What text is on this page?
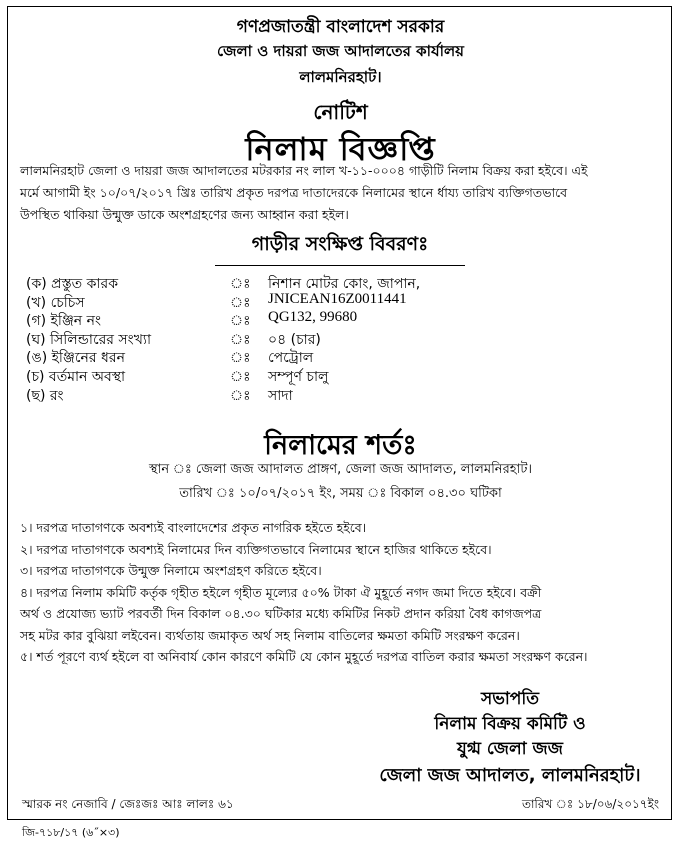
গণপ্রজাতন্ত্রী বাংলাদেশ সরকার
জেলা ও দায়রা জজ আদালতের কার্যালয়
লালমনিরহাট।
নোটিশ
নিলাম বিজ্ঞপ্তি

লালমনিরহাট জেলা ও দায়রা জজ আদালতের মটরকার নং লাল খ-১১-০০০৪ গাড়ীটি নিলাম বিক্রয় করা হইবে। এই

মর্মে আগামী ইং ১০/০৭/২০১৭ খ্রিঃ তারিখ প্রকৃত দরপত্র দাতাদেরকে নিলামের স্থানে র্ধায্য তারিখ ব্যক্তিগতভাবে

উপস্থিত থাকিয়া উন্মুক্ত ডাকে অংশগ্রহণের জন্য আহ্বান করা হইল।

গাড়ীর সংক্ষিপ্ত বিবরণঃ
(ক) প্রস্তুত কারক	ঃ নিশান মোটর কোং, জাপান,
(খ) চেচিস	ঃ JNICEAN16Z0011441
(গ) ইঞ্জিন নং	ঃ QG132, 99680
(ঘ) সিলিন্ডারের সংখ্যা	ঃ ০৪ (চার)
(ঙ) ইঞ্জিনের ধরন	ঃ পেট্রোল
(চ) বর্তমান অবস্থা	ঃ সম্পূর্ণ চালু
(ছ) রং	ঃ সাদা
নিলামের শর্তঃ
স্থান ঃ জেলা জজ আদালত প্রাঙ্গণ, জেলা জজ আদালত, লালমনিরহাট।
তারিখ ঃ ১০/০৭/২০১৭ ইং, সময় ঃ বিকাল ০৪.৩০ ঘটিকা

১। দরপত্র দাতাগণকে অবশ্যই বাংলাদেশের প্রকৃত নাগরিক হইতে হইবে।

২। দরপত্র দাতাগণকে অবশ্যই নিলামের দিন ব্যক্তিগতভাবে নিলামের স্থানে হাজির থাকিতে হইবে।

৩। দরপত্র দাতাগণকে উন্মুক্ত নিলামে অংশগ্রহণ করিতে হইবে।

৪। দরপত্র নিলাম কমিটি কর্তৃক গৃহীত হইলে গৃহীত মূল্যের ৫০% টাকা ঐ মুহূর্তে নগদ জমা দিতে হইবে। বক্রী

অর্থ ও প্রযোজ্য ভ্যাট পরবর্তী দিন বিকাল ০৪.৩০ ঘটিকার মধ্যে কমিটির নিকট প্রদান করিয়া বৈধ কাগজপত্র

সহ মটর কার বুঝিয়া লইবেন। ব্যর্থতায় জমাকৃত অর্থ সহ নিলাম বাতিলের ক্ষমতা কমিটি সংরক্ষণ করেন।

৫। শর্ত পূরণে ব্যর্থ হইলে বা অনিবার্য কোন কারণে কমিটি যে কোন মুহূর্তে দরপত্র বাতিল করার ক্ষমতা সংরক্ষণ করেন।

সভাপতি
নিলাম বিক্রয় কমিটি ও
যুগ্ম জেলা জজ
জেলা জজ আদালত, লালমনিরহাট।
স্মারক নং নেজাবি / জেঃজঃ আঃ লালঃ ৬১	তারিখ ঃ ১৮/০৬/২০১৭ইং
জি-৭১৮/১৭ (৬˝×৩)
